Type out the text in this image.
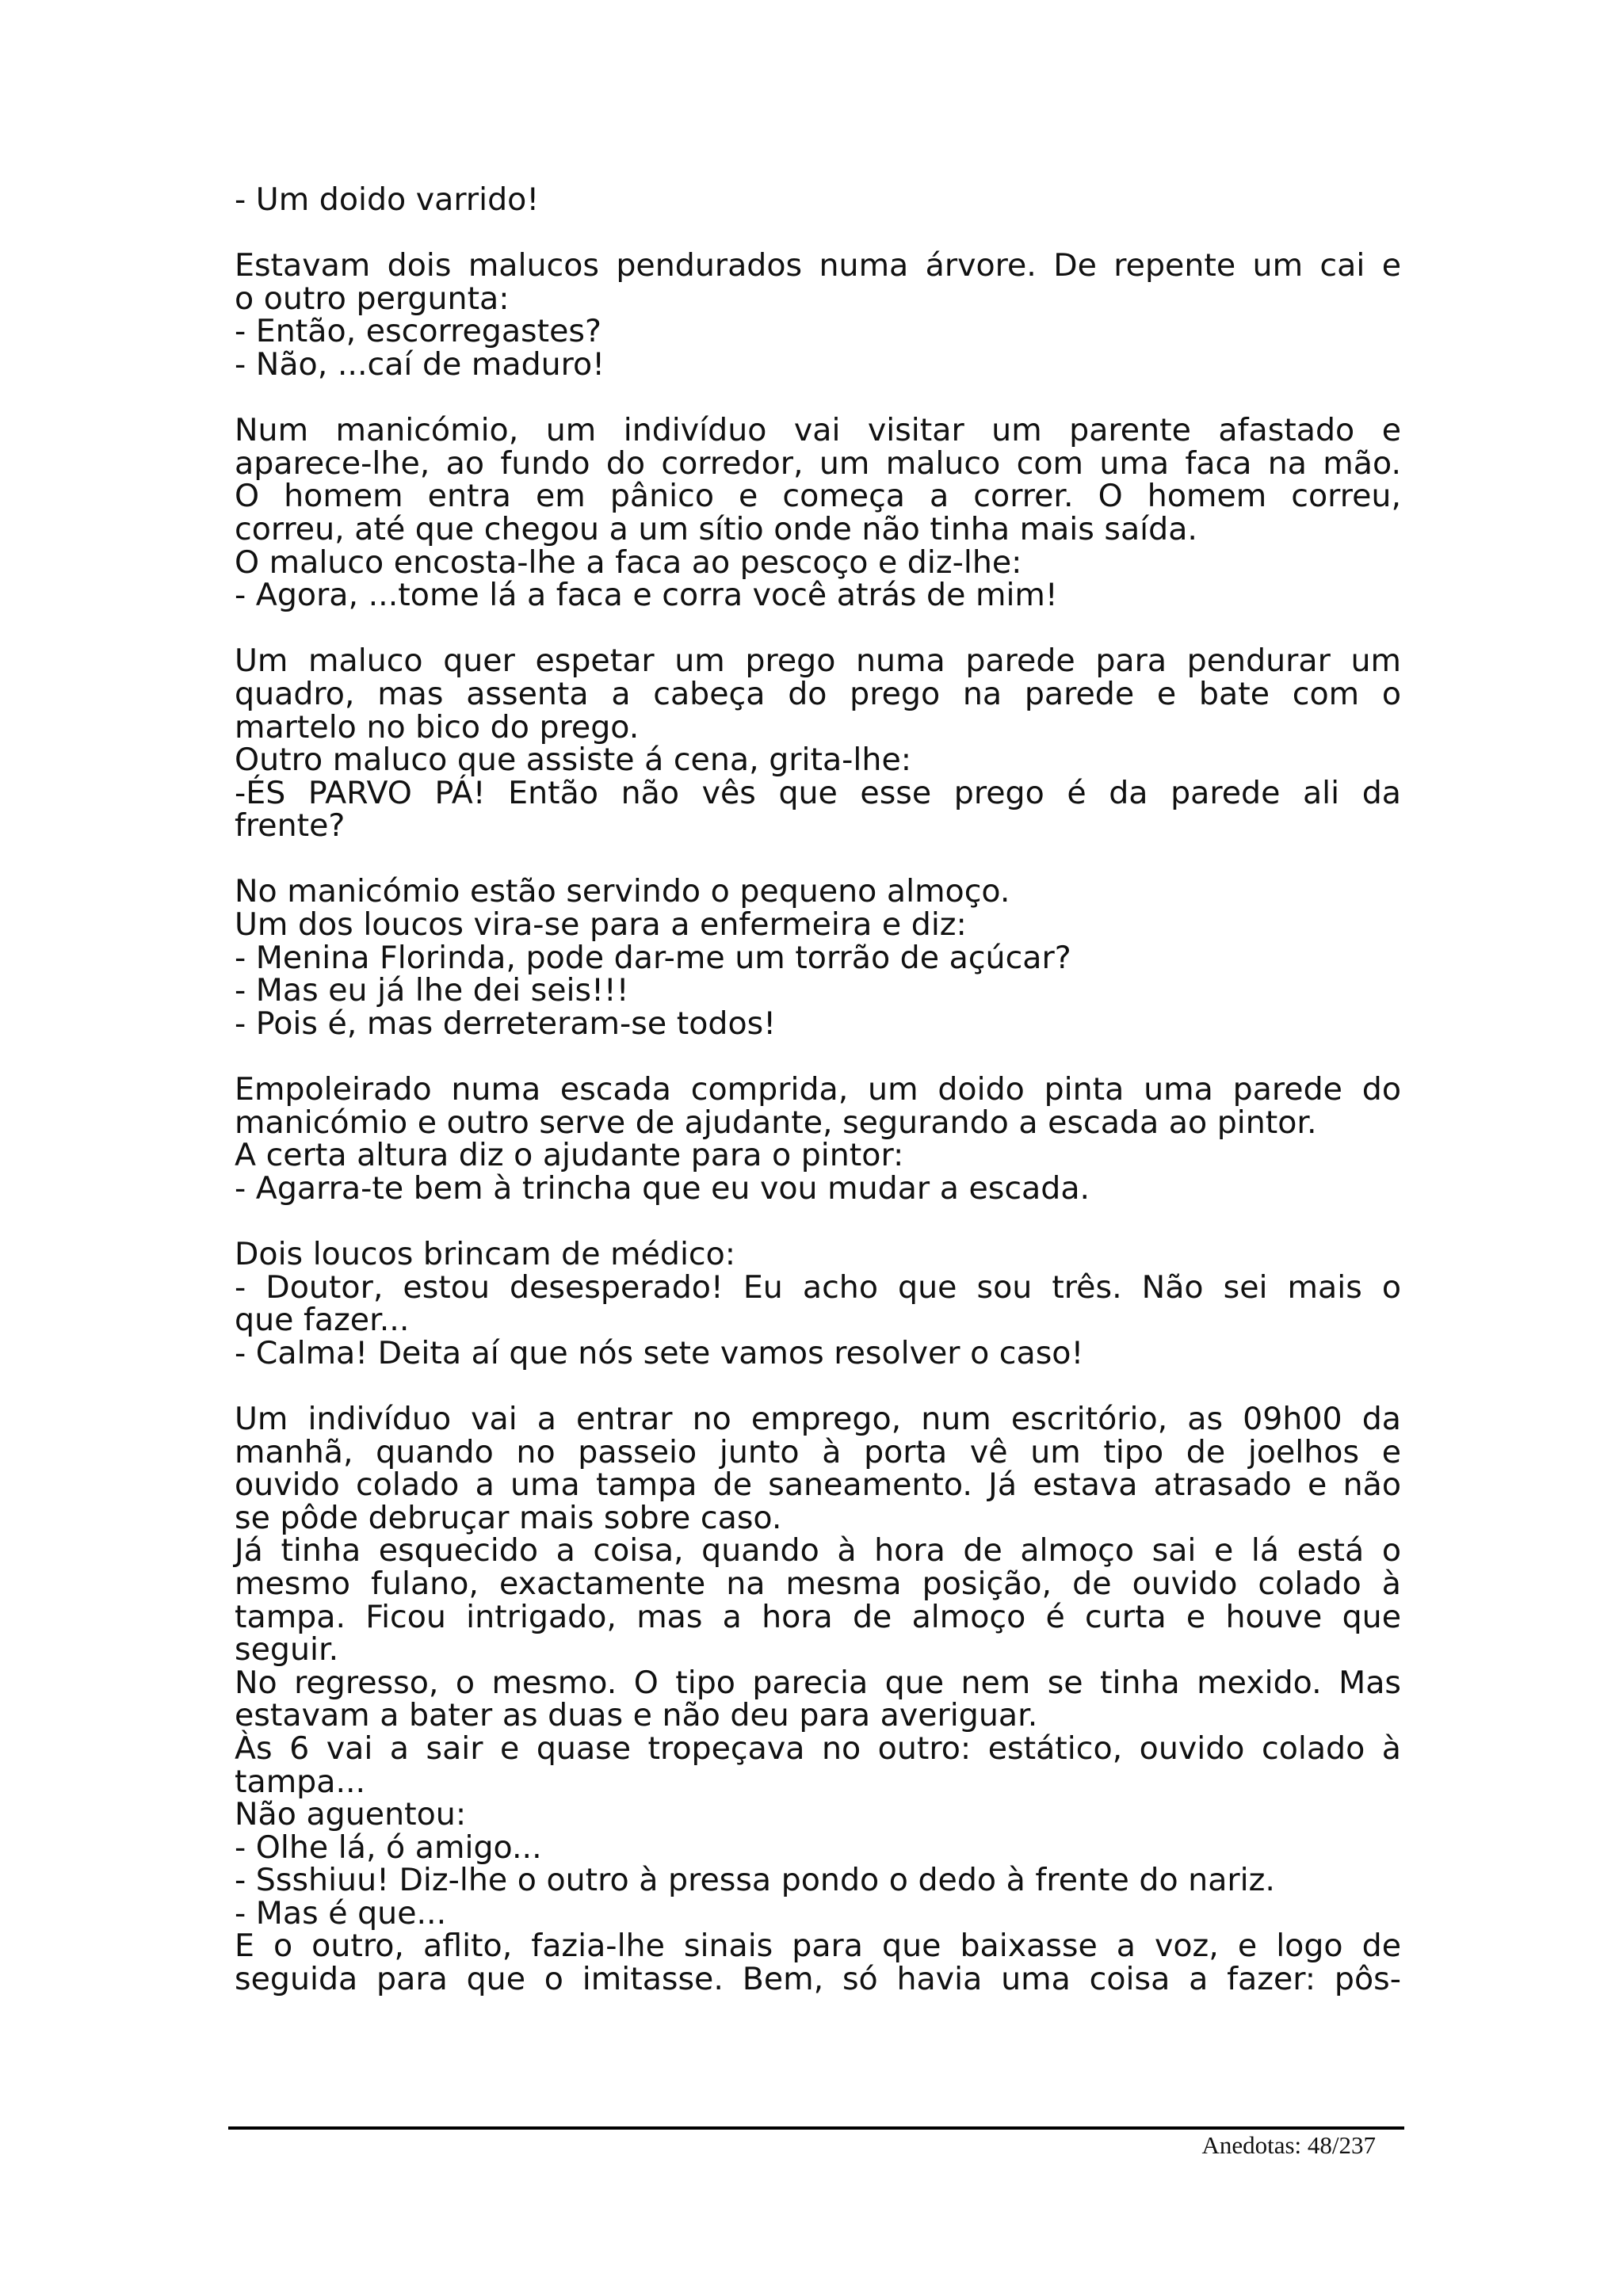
- Um doido varrido!
Estavam dois malucos pendurados numa árvore. De repente um cai e
o outro pergunta:
- Então, escorregastes?
- Não, ...caí de maduro!
Num manicómio, um indivíduo vai visitar um parente afastado e
aparece-lhe, ao fundo do corredor, um maluco com uma faca na mão.
O homem entra em pânico e começa a correr. O homem correu,
correu, até que chegou a um sítio onde não tinha mais saída.
O maluco encosta-lhe a faca ao pescoço e diz-lhe:
- Agora, ...tome lá a faca e corra você atrás de mim!
Um maluco quer espetar um prego numa parede para pendurar um
quadro, mas assenta a cabeça do prego na parede e bate com o
martelo no bico do prego.
Outro maluco que assiste á cena, grita-lhe:
-ÉS PARVO PÁ! Então não vês que esse prego é da parede ali da
frente?
No manicómio estão servindo o pequeno almoço.
Um dos loucos vira-se para a enfermeira e diz:
- Menina Florinda, pode dar-me um torrão de açúcar?
- Mas eu já lhe dei seis!!!
- Pois é, mas derreteram-se todos!
Empoleirado numa escada comprida, um doido pinta uma parede do
manicómio e outro serve de ajudante, segurando a escada ao pintor.
A certa altura diz o ajudante para o pintor:
- Agarra-te bem à trincha que eu vou mudar a escada.
Dois loucos brincam de médico:
- Doutor, estou desesperado! Eu acho que sou três. Não sei mais o
que fazer...
- Calma! Deita aí que nós sete vamos resolver o caso!
Um indivíduo vai a entrar no emprego, num escritório, as 09h00 da
manhã, quando no passeio junto à porta vê um tipo de joelhos e
ouvido colado a uma tampa de saneamento. Já estava atrasado e não
se pôde debruçar mais sobre caso.
Já tinha esquecido a coisa, quando à hora de almoço sai e lá está o
mesmo fulano, exactamente na mesma posição, de ouvido colado à
tampa. Ficou intrigado, mas a hora de almoço é curta e houve que
seguir.
No regresso, o mesmo. O tipo parecia que nem se tinha mexido. Mas
estavam a bater as duas e não deu para averiguar.
Às 6 vai a sair e quase tropeçava no outro: estático, ouvido colado à
tampa...
Não aguentou:
- Olhe lá, ó amigo...
- Ssshiuu! Diz-lhe o outro à pressa pondo o dedo à frente do nariz.
- Mas é que...
E o outro, aflito, fazia-lhe sinais para que baixasse a voz, e logo de
seguida para que o imitasse. Bem, só havia uma coisa a fazer: pôs-
Anedotas: 48/237
